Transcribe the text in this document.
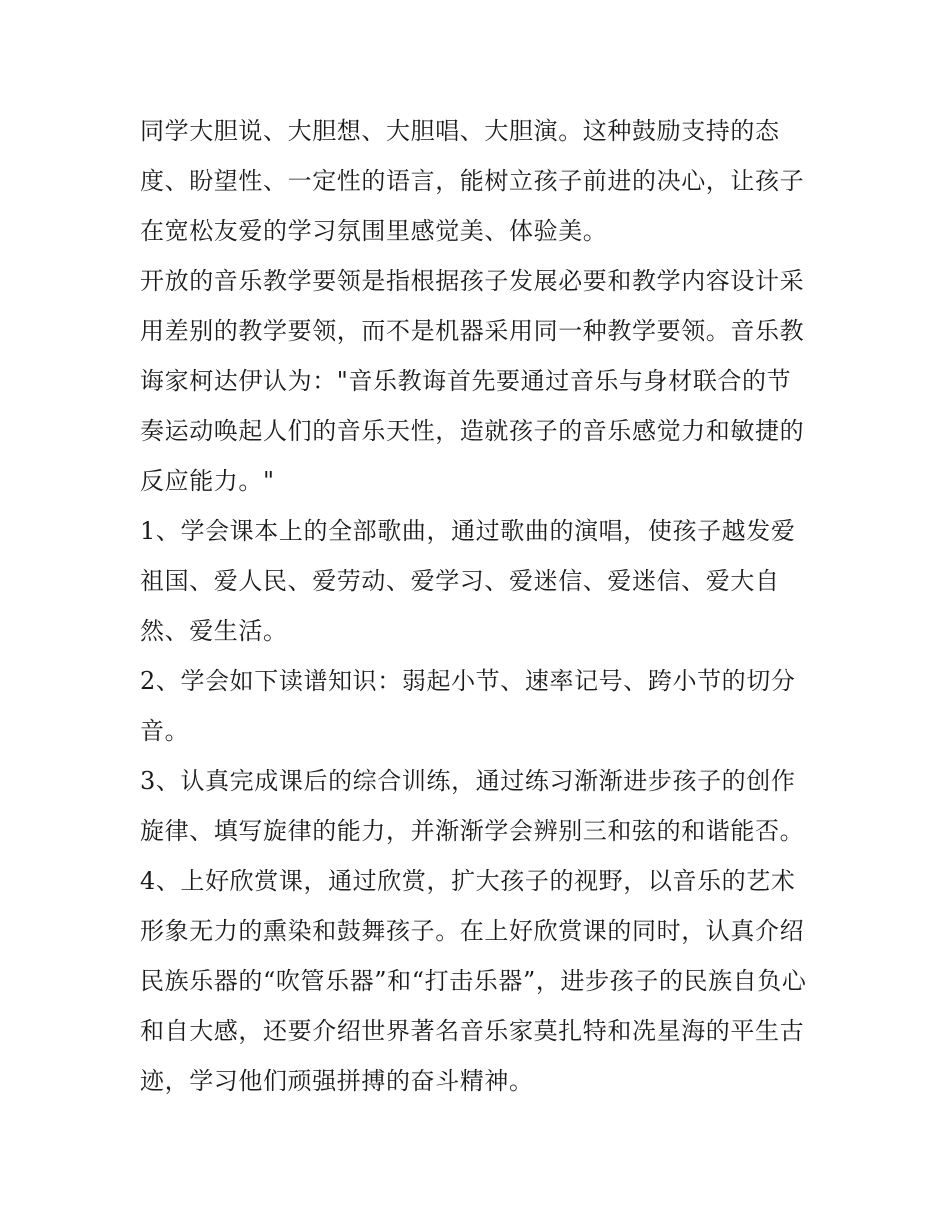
同学大胆说、大胆想、大胆唱、大胆演。这种鼓励支持的态

度、盼望性、一定性的语言，能树立孩子前进的决心，让孩子

在宽松友爱的学习氛围里感觉美、体验美。

开放的音乐教学要领是指根据孩子发展必要和教学内容设计采

用差别的教学要领，而不是机器采用同一种教学要领。音乐教

诲家柯达伊认为："音乐教诲首先要通过音乐与身材联合的节

奏运动唤起人们的音乐天性，造就孩子的音乐感觉力和敏捷的

反应能力。"

1、学会课本上的全部歌曲，通过歌曲的演唱，使孩子越发爱

祖国、爱人民、爱劳动、爱学习、爱迷信、爱迷信、爱大自

然、爱生活。

2、学会如下读谱知识：弱起小节、速率记号、跨小节的切分

音。

3、认真完成课后的综合训练，通过练习渐渐进步孩子的创作

旋律、填写旋律的能力，并渐渐学会辨别三和弦的和谐能否。

4、上好欣赏课，通过欣赏，扩大孩子的视野，以音乐的艺术

形象无力的熏染和鼓舞孩子。在上好欣赏课的同时，认真介绍

民族乐器的“吹管乐器”和“打击乐器”，进步孩子的民族自负心

和自大感，还要介绍世界著名音乐家莫扎特和冼星海的平生古

迹，学习他们顽强拼搏的奋斗精神。
